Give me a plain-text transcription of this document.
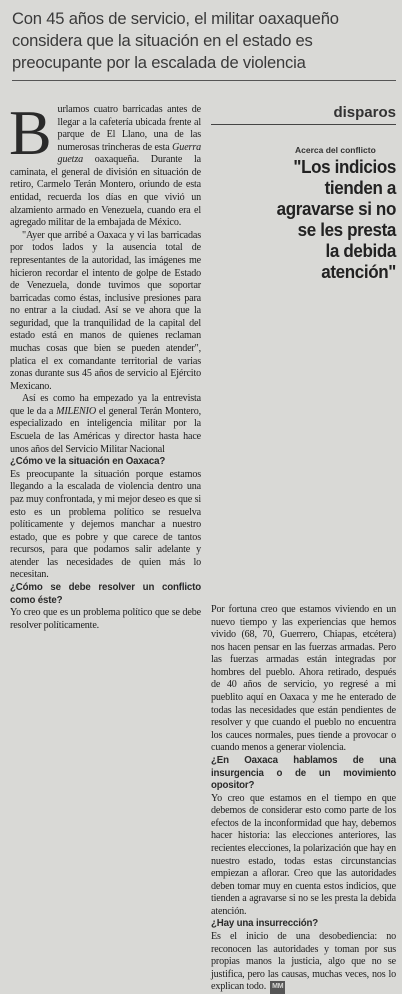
Con 45 años de servicio, el militar oaxaqueño
considera que la situación en el estado es
preocupante por la escalada de violencia

Burlamos cuatro barricadas antes de llegar a la cafetería ubicada frente al parque de El Llano, una de las numerosas trincheras de esta Guerra guetza oaxaqueña. Durante la caminata, el general de división en situación de retiro, Carmelo Terán Montero, oriundo de esta entidad, recuerda los días en que vivió un alzamiento armado en Venezuela, cuando era el agregado militar de la embajada de México.

"Ayer que arribé a Oaxaca y vi las barricadas por todos lados y la ausencia total de representantes de la autoridad, las imágenes me hicieron recordar el intento de golpe de Estado de Venezuela, donde tuvimos que soportar barricadas como éstas, inclusive presiones para no entrar a la ciudad. Así se ve ahora que la seguridad, que la tranquilidad de la capital del estado está en manos de quienes reclaman muchas cosas que bien se pueden atender", platica el ex comandante territorial de varias zonas durante sus 45 años de servicio al Ejército Mexicano.

Así es como ha empezado ya la entrevista que le da a MILENIO el general Terán Montero, especializado en inteligencia militar por la Escuela de las Américas y director hasta hace unos años del Servicio Militar Nacional

¿Cómo ve la situación en Oaxaca?

Es preocupante la situación porque estamos llegando a la escalada de violencia dentro una paz muy confrontada, y mi mejor deseo es que si esto es un problema político se resuelva políticamente y dejemos manchar a nuestro estado, que es pobre y que carece de tantos recursos, para que podamos salir adelante y atender las necesidades de quien más lo necesitan.

¿Cómo se debe resolver un conflicto como éste?

Yo creo que es un problema político que se debe resolver políticamente.

disparos
Acerca del conflicto
"Los indicios
tienden a
agravarse si no
se les presta
la debida
atención"

Por fortuna creo que estamos viviendo en un nuevo tiempo y las experiencias que hemos vivido (68, 70, Guerrero, Chiapas, etcétera) nos hacen pensar en las fuerzas armadas. Pero las fuerzas armadas están integradas por hombres del pueblo. Ahora retirado, después de 40 años de servicio, yo regresé a mi pueblito aquí en Oaxaca y me he enterado de todas las necesidades que están pendientes de resolver y que cuando el pueblo no encuentra los cauces normales, pues tiende a provocar o cuando menos a generar violencia.

¿En Oaxaca hablamos de una insurgencia o de un movimiento opositor?

Yo creo que estamos en el tiempo en que debemos de considerar esto como parte de los efectos de la inconformidad que hay, debemos hacer historia: las elecciones anteriores, las recientes elecciones, la polarización que hay en nuestro estado, todas estas circunstancias empiezan a aflorar. Creo que las autoridades deben tomar muy en cuenta estos indicios, que tienden a agravarse si no se les presta la debida atención.

¿Hay una insurrección?

Es el inicio de una desobediencia: no reconocen las autoridades y toman por sus propias manos la justicia, algo que no se justifica, pero las causas, muchas veces, nos lo explican todo. MM
